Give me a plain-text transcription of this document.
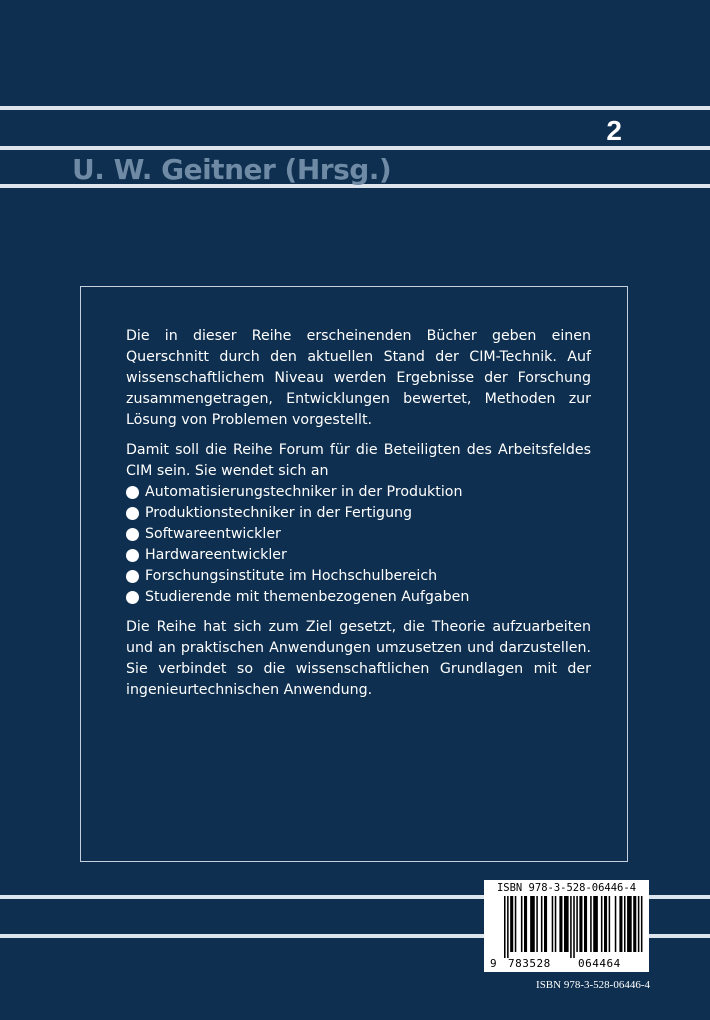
2
U. W. Geitner (Hrsg.)

Die in dieser Reihe erscheinenden Bücher geben einen Querschnitt durch den aktuellen Stand der CIM-Technik. Auf wissenschaftlichem Niveau werden Ergebnisse der Forschung zusammengetragen, Entwicklungen bewertet, Methoden zur Lösung von Problemen vorgestellt.

Damit soll die Reihe Forum für die Beteiligten des Arbeitsfeldes CIM sein. Sie wendet sich an

Automatisierungstechniker in der Produktion
Produktionstechniker in der Fertigung
Softwareentwickler
Hardwareentwickler
Forschungsinstitute im Hochschulbereich
Studierende mit themenbezogenen Aufgaben

Die Reihe hat sich zum Ziel gesetzt, die Theorie aufzuarbeiten und an praktischen Anwendungen umzusetzen und darzustellen. Sie verbindet so die wissenschaftlichen Grundlagen mit der ingenieurtechnischen Anwendung.

ISBN 978-3-528-06446-4
9 783528 064464
ISBN 978-3-528-06446-4
